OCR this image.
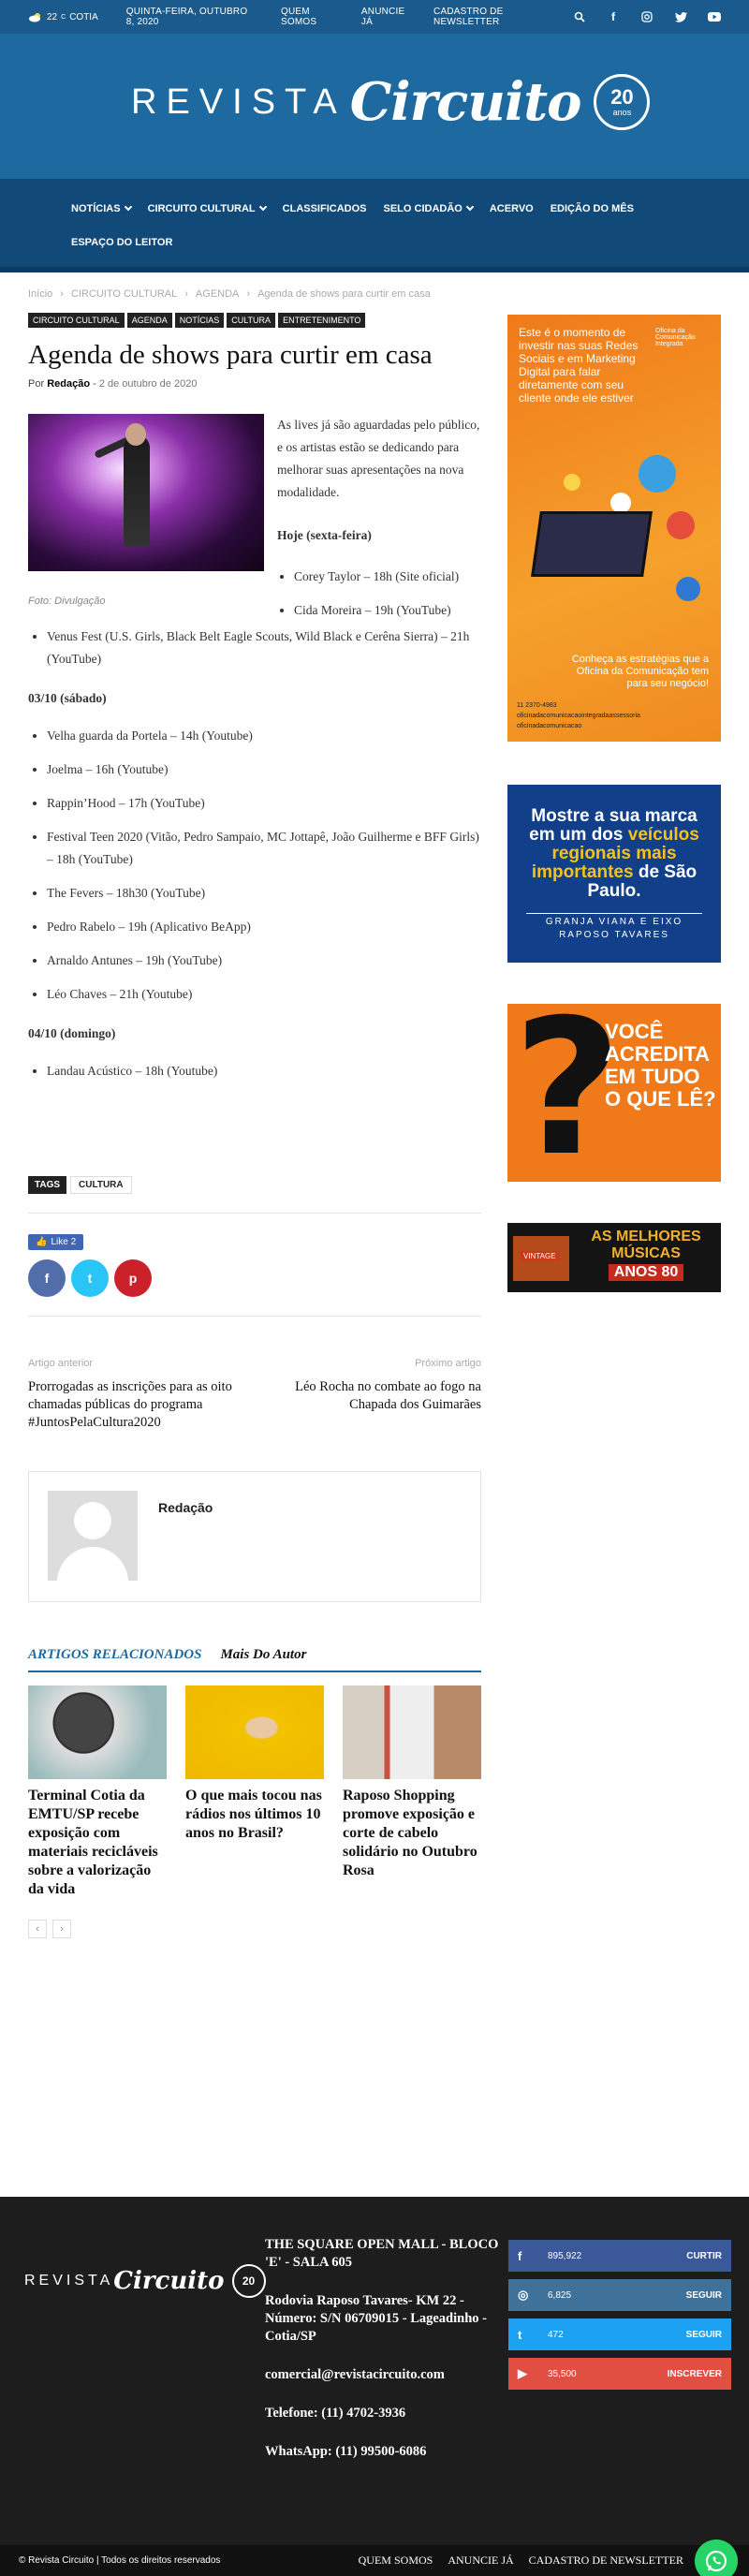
22 C COTIA	QUINTA-FEIRA, OUTUBRO 8, 2020
QUEM SOMOS
ANUNCIE JÁ
CADASTRO DE NEWSLETTER	f
REVISTA Circuito 20
anos
NOTÍCIAS	CIRCUITO CULTURAL	CLASSIFICADOS SELO CIDADÃO	ACERVO EDIÇÃO DO MÊS
ESPAÇO DO LEITOR
Início › CIRCUITO CULTURAL › AGENDA › Agenda de shows para curtir em casa
CIRCUITO CULTURAL	AGENDA	NOTÍCIAS	CULTURA	ENTRETENIMENTO
Agenda de shows para curtir em casa
Por Redação - 2 de outubro de 2020
Foto: Divulgação

As lives já são aguardadas pelo público, e os artistas estão se dedicando para melhorar suas apresentações na nova modalidade.

Hoje (sexta-feira)

• Corey Taylor – 18h (Site oficial)
• Cida Moreira – 19h (YouTube)
• Venus Fest (U.S. Girls, Black Belt Eagle Scouts, Wild Black e Cerêna Sierra) – 21h (YouTube)
03/10 (sábado)
• Velha guarda da Portela – 14h (Youtube)
• Joelma – 16h (Youtube)
• Rappin’Hood – 17h (YouTube)
• Festival Teen 2020 (Vitão, Pedro Sampaio, MC Jottapê, João Guilherme e BFF Girls) – 18h (YouTube)
• The Fevers – 18h30 (YouTube)
• Pedro Rabelo – 19h (Aplicativo BeApp)
• Arnaldo Antunes – 19h (YouTube)
• Léo Chaves – 21h (Youtube)
04/10 (domingo)
• Landau Acústico – 18h (Youtube)
TAGS	CULTURA
👍 Like 2
f	t	p
Artigo anterior
Prorrogadas as inscrições para as oito chamadas públicas do programa #JuntosPelaCultura2020
Próximo artigo
Léo Rocha no combate ao fogo na Chapada dos Guimarães
Redação
ARTIGOS RELACIONADOS Mais Do Autor
Terminal Cotia da EMTU/SP recebe exposição com materiais recicláveis sobre a valorização da vida
O que mais tocou nas rádios nos últimos 10 anos no Brasil?
Raposo Shopping promove exposição e corte de cabelo solidário no Outubro Rosa
‹	›
Este é o momento de investir nas suas Redes Sociais e em Marketing Digital para falar diretamente com seu cliente onde ele estiver
Oficina da Comunicação Integrada
Conheça as estratégias que a Oficina da Comunicação tem para seu negócio!
11 2370-4983
oficinadacomunicacaointegradaassessoria
oficinadacomunicacao
Mostre a sua marca em um dos veículos regionais mais importantes de São Paulo.
GRANJA VIANA E EIXO RAPOSO TAVARES
?
VOCÊ ACREDITA EM TUDO O QUE LÊ?
VINTAGE
AS MELHORES MÚSICAS
ANOS 80
REVISTA Circuito	20

THE SQUARE OPEN MALL - BLOCO 'E' - SALA 605

Rodovia Raposo Tavares- KM 22 - Número: S/N 06709015 - Lageadinho - Cotia/SP

comercial@revistacircuito.com

Telefone: (11) 4702-3936

WhatsApp: (11) 99500-6086

f	895,922	CURTIR
◎	6,825	SEGUIR
t	472	SEGUIR
▶	35,500	INSCREVER
© Revista Circuito | Todos os direitos reservados	QUEM SOMOS ANUNCIE JÁ CADASTRO DE NEWSLETTER
